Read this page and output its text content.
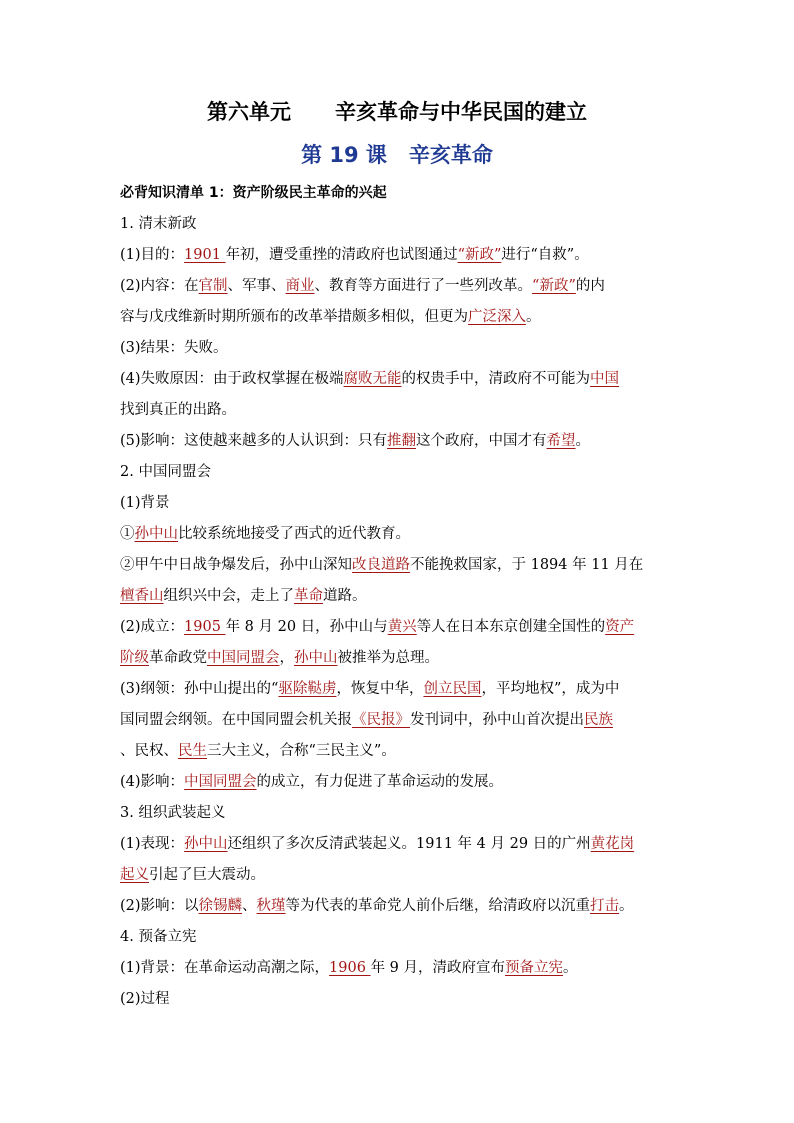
第六单元 辛亥革命与中华民国的建立
第 19 课 辛亥革命
必背知识清单 1：资产阶级民主革命的兴起
1. 清末新政
(1)目的：1901 年初，遭受重挫的清政府也试图通过“新政”进行“自救”。
(2)内容：在官制、军事、商业、教育等方面进行了一些列改革。“新政”的内
容与戊戌维新时期所颁布的改革举措颇多相似，但更为广泛深入。
(3)结果：失败。
(4)失败原因：由于政权掌握在极端腐败无能的权贵手中，清政府不可能为中国
找到真正的出路。
(5)影响：这使越来越多的人认识到：只有推翻这个政府，中国才有希望。
2. 中国同盟会
(1)背景
①孙中山比较系统地接受了西式的近代教育。
②甲午中日战争爆发后，孙中山深知改良道路不能挽救国家，于 1894 年 11 月在
檀香山组织兴中会，走上了革命道路。
(2)成立：1905 年 8 月 20 日，孙中山与黄兴等人在日本东京创建全国性的资产
阶级革命政党中国同盟会，孙中山被推举为总理。
(3)纲领：孙中山提出的“驱除鞑虏，恢复中华，创立民国，平均地权”，成为中
国同盟会纲领。在中国同盟会机关报《民报》发刊词中，孙中山首次提出民族
、民权、民生三大主义，合称“三民主义”。
(4)影响：中国同盟会的成立，有力促进了革命运动的发展。
3. 组织武装起义
(1)表现：孙中山还组织了多次反清武装起义。1911 年 4 月 29 日的广州黄花岗
起义引起了巨大震动。
(2)影响：以徐锡麟、秋瑾等为代表的革命党人前仆后继，给清政府以沉重打击。
4. 预备立宪
(1)背景：在革命运动高潮之际，1906 年 9 月，清政府宣布预备立宪。
(2)过程
